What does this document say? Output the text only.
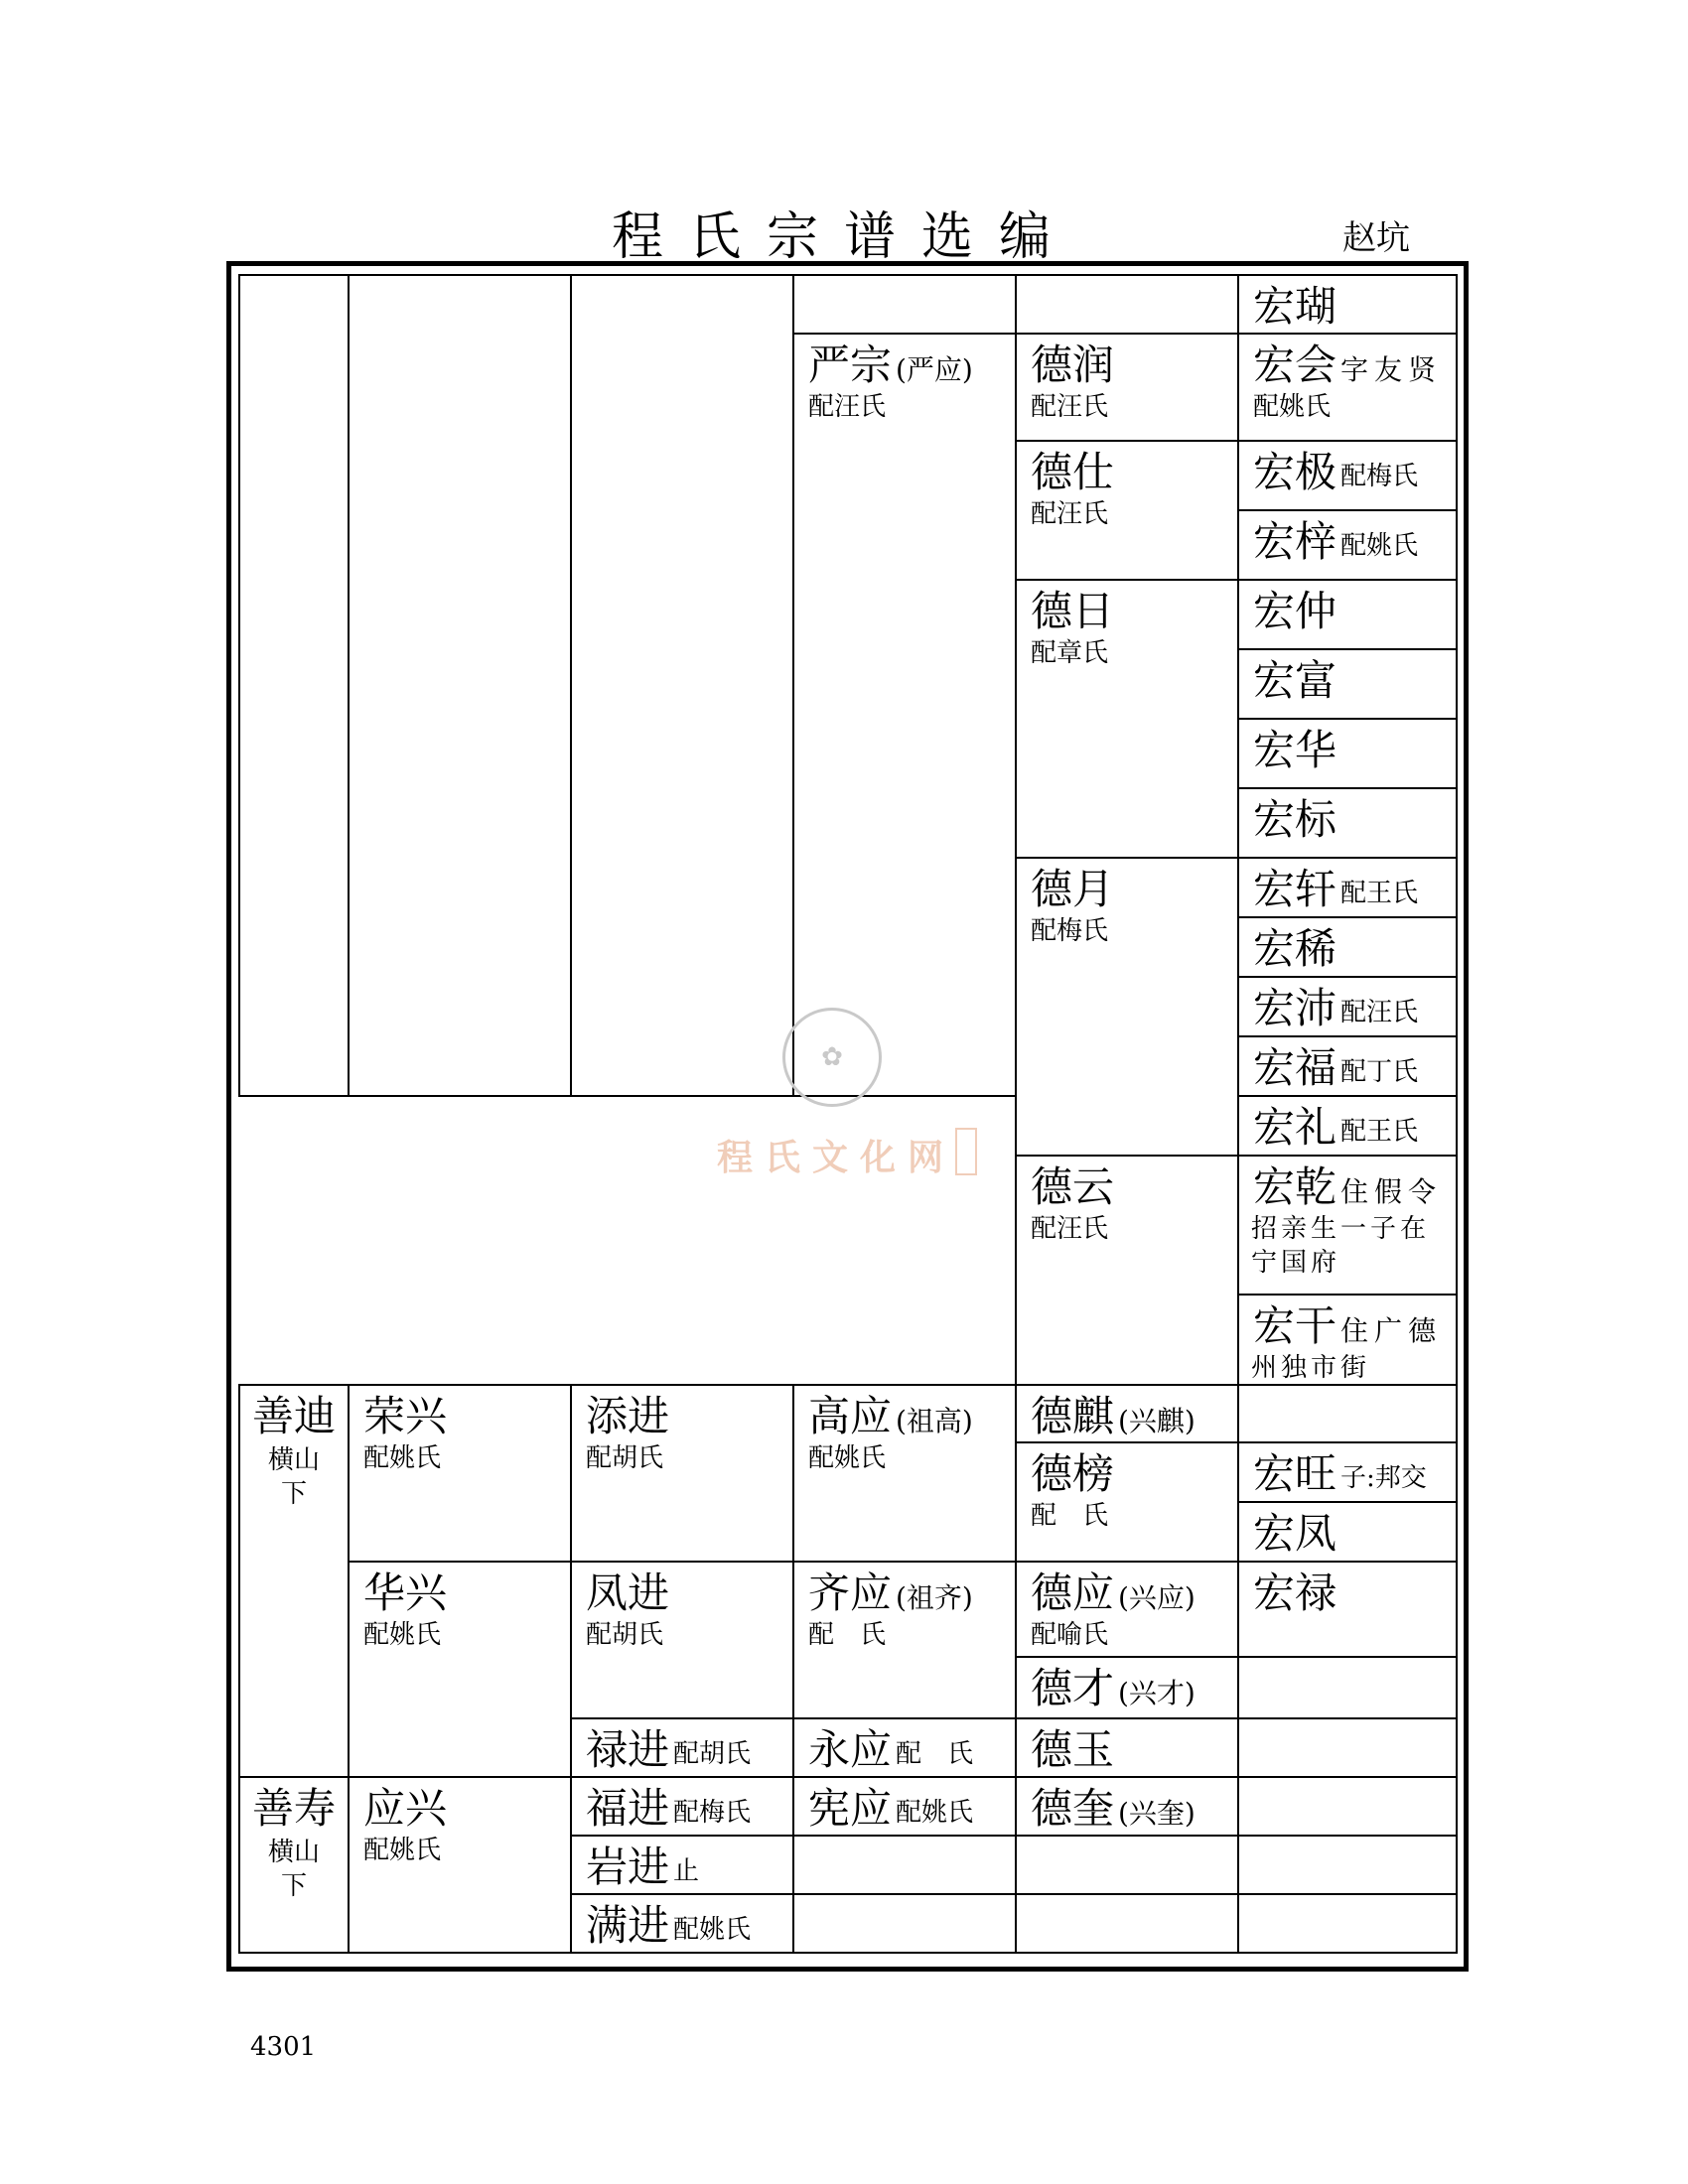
程氏宗谱选编	赵坑
4301
严宗 (严应)
配汪氏
德润
配汪氏
德仕
配汪氏
德日
配章氏
德月
配梅氏
德云
配汪氏
宏瑚
宏会 字友贤
配姚氏
宏极 配梅氏
宏梓 配姚氏
宏仲
宏富
宏华
宏标
宏轩 配王氏
宏稀
宏沛 配汪氏
宏福 配丁氏
宏礼 配王氏
宏乾 住假令
招亲生一子在宁国府
宏干 住广德
州独市街
善迪
横山
下
荣兴
配姚氏
华兴
配姚氏
添进
配胡氏
凤进
配胡氏
禄进 配胡氏
高应 (祖高)
配姚氏
齐应 (祖齐)
配　氏
永应 配　氏
德麒 (兴麒)
德榜
配　氏
德应 (兴应)
配喻氏
德才 (兴才)
德玉
宏旺 子:邦交
宏凤
宏禄
善寿
横山
下
应兴
配姚氏
福进 配梅氏
岩进 止
满进 配姚氏
宪应 配姚氏 德奎 (兴奎)
✿
程氏文化网
